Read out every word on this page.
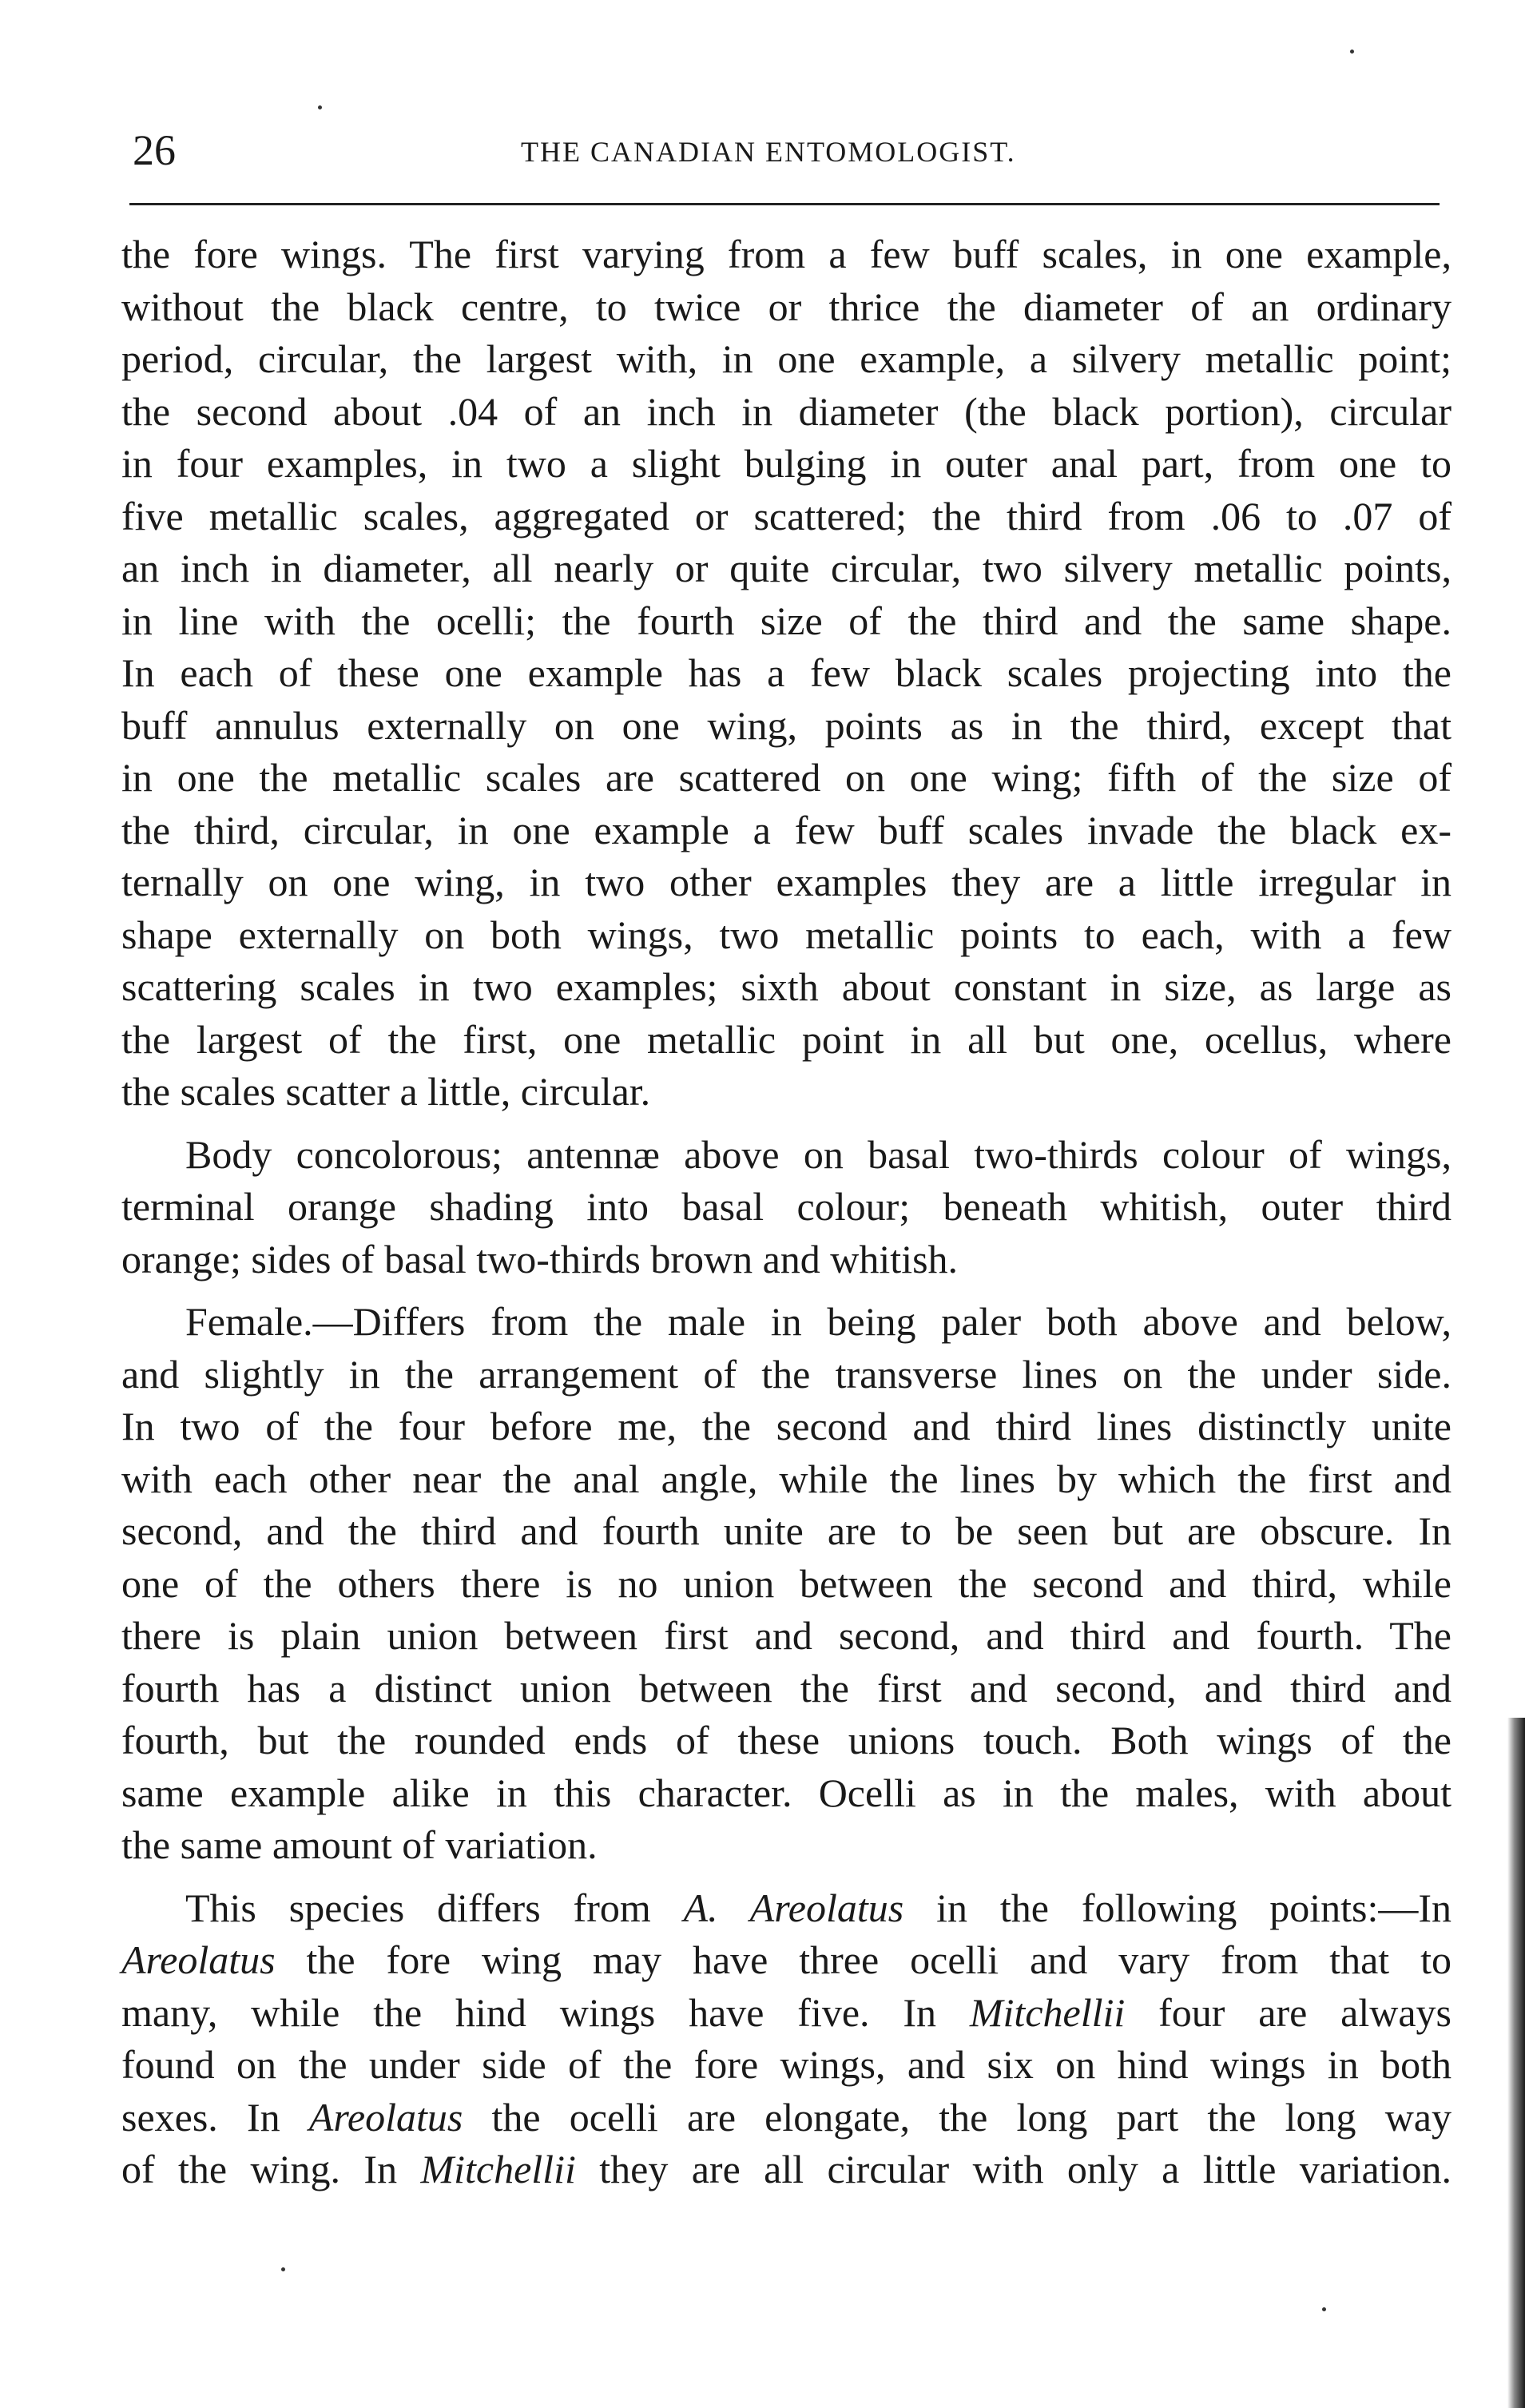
26	THE CANADIAN ENTOMOLOGIST.
the fore wings. The first varying from a few buff scales, in one example,
without the black centre, to twice or thrice the diameter of an ordinary
period, circular, the largest with, in one example, a silvery metallic point;
the second about .04 of an inch in diameter (the black portion), circular
in four examples, in two a slight bulging in outer anal part, from one to
five metallic scales, aggregated or scattered; the third from .06 to .07 of
an inch in diameter, all nearly or quite circular, two silvery metallic points,
in line with the ocelli; the fourth size of the third and the same shape.
In each of these one example has a few black scales projecting into the
buff annulus externally on one wing, points as in the third, except that
in one the metallic scales are scattered on one wing; fifth of the size of
the third, circular, in one example a few buff scales invade the black ex-
ternally on one wing, in two other examples they are a little irregular in
shape externally on both wings, two metallic points to each, with a few
scattering scales in two examples; sixth about constant in size, as large as
the largest of the first, one metallic point in all but one, ocellus, where
the scales scatter a little, circular.
Body concolorous; antennæ above on basal two-thirds colour of wings,
terminal orange shading into basal colour; beneath whitish, outer third
orange; sides of basal two-thirds brown and whitish.
Female.—Differs from the male in being paler both above and below,
and slightly in the arrangement of the transverse lines on the under side.
In two of the four before me, the second and third lines distinctly unite
with each other near the anal angle, while the lines by which the first and
second, and the third and fourth unite are to be seen but are obscure. In
one of the others there is no union between the second and third, while
there is plain union between first and second, and third and fourth. The
fourth has a distinct union between the first and second, and third and
fourth, but the rounded ends of these unions touch. Both wings of the
same example alike in this character. Ocelli as in the males, with about
the same amount of variation.
This species differs from A. Areolatus in the following points:—In
Areolatus the fore wing may have three ocelli and vary from that to
many, while the hind wings have five. In Mitchellii four are always
found on the under side of the fore wings, and six on hind wings in both
sexes. In Areolatus the ocelli are elongate, the long part the long way
of the wing. In Mitchellii they are all circular with only a little variation.
